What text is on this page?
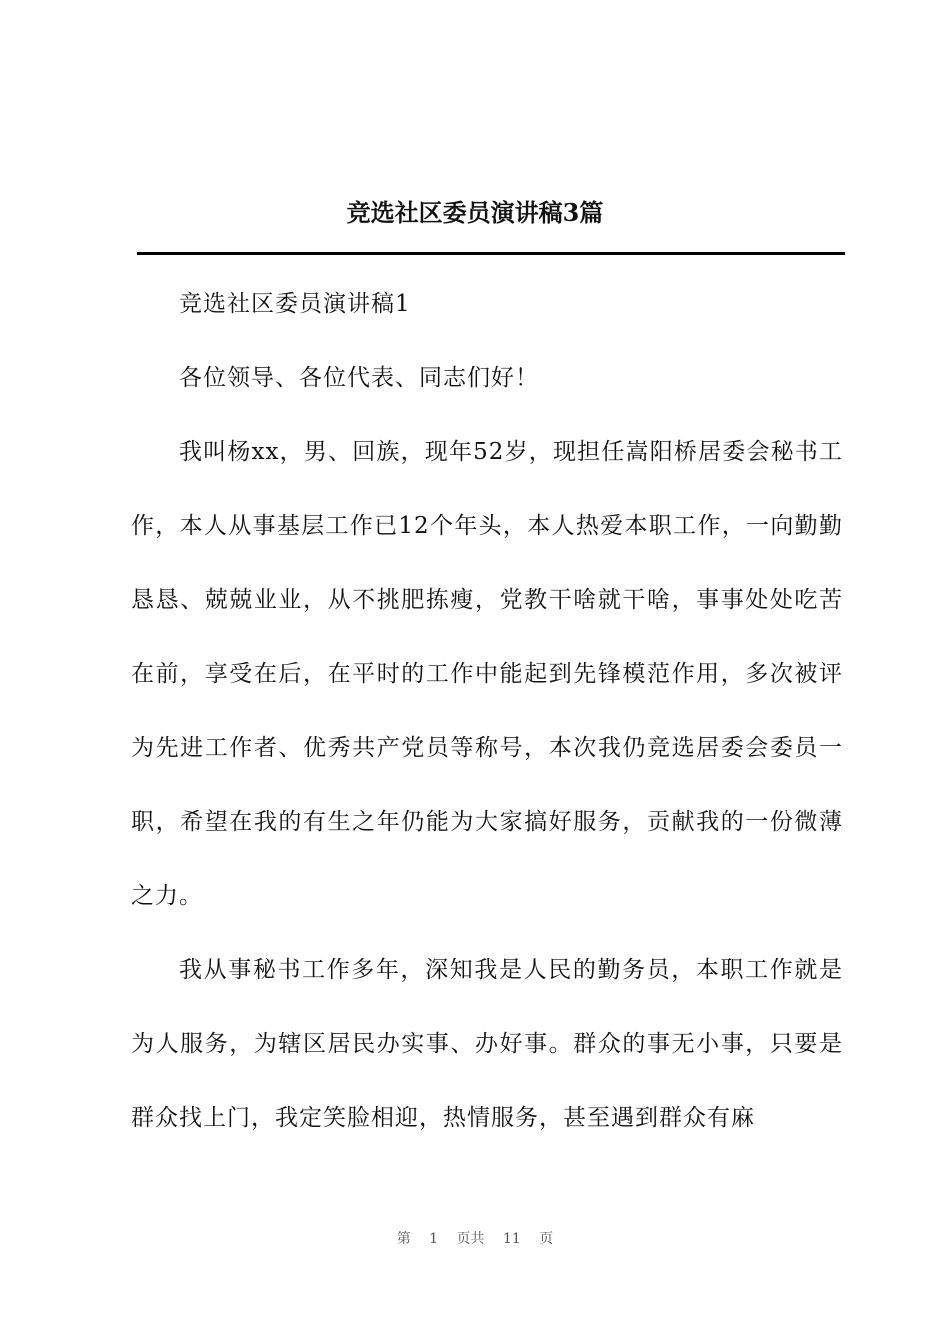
竞选社区委员演讲稿3篇

竞选社区委员演讲稿1

各位领导、各位代表、同志们好！

我叫杨xx，男、回族，现年52岁，现担任嵩阳桥居委会秘书工作，本人从事基层工作已12个年头，本人热爱本职工作，一向勤勤恳恳、兢兢业业，从不挑肥拣瘦，党教干啥就干啥，事事处处吃苦在前，享受在后，在平时的工作中能起到先锋模范作用，多次被评为先进工作者、优秀共产党员等称号，本次我仍竞选居委会委员一职，希望在我的有生之年仍能为大家搞好服务，贡献我的一份微薄之力。

我从事秘书工作多年，深知我是人民的勤务员，本职工作就是为人服务，为辖区居民办实事、办好事。群众的事无小事，只要是群众找上门，我定笑脸相迎，热情服务，甚至遇到群众有麻

第 1 页共 11 页
